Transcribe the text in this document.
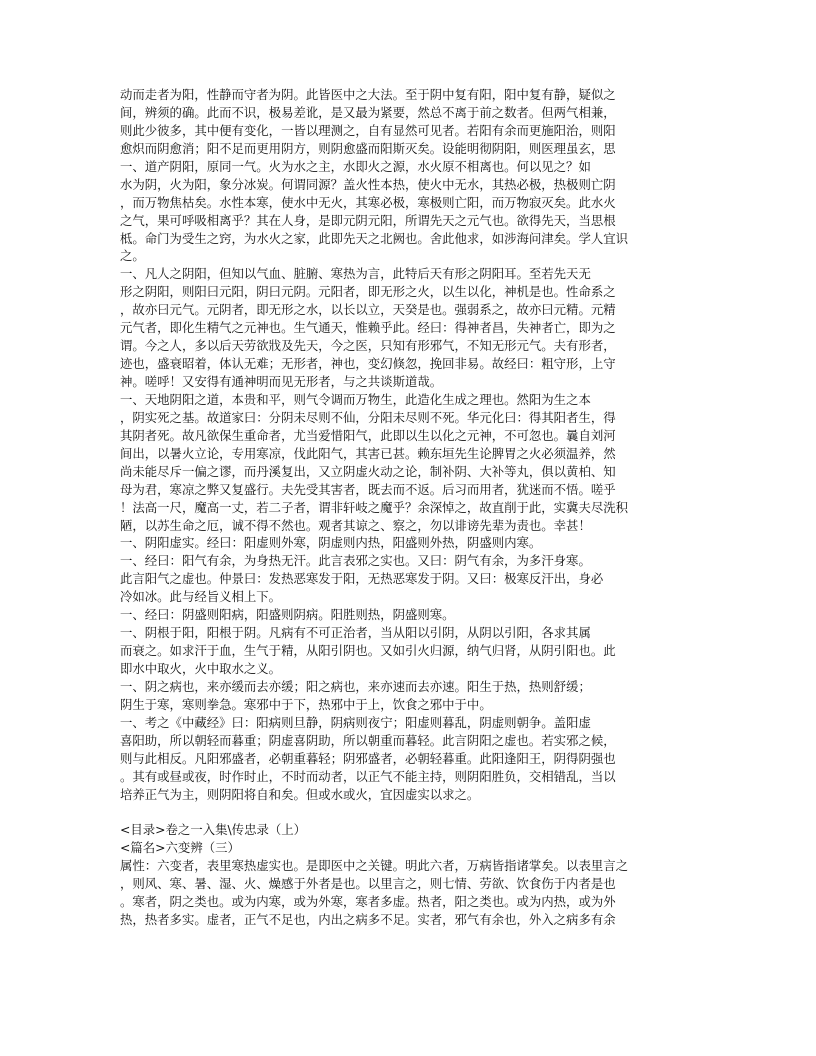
动而走者为阳，性静而守者为阴。此皆医中之大法。至于阴中复有阳，阳中复有静，疑似之
间，辨须的确。此而不识，极易差讹，是又最为紧要，然总不离于前之数者。但两气相兼，
则此少彼多，其中便有变化，一皆以理测之，自有显然可见者。若阳有余而更施阳治，则阳
愈炽而阴愈消；阳不足而更用阴方，则阴愈盛而阳斯灭矣。设能明彻阴阳，则医理虽玄，思
一、道产阴阳，原同一气。火为水之主，水即火之源，水火原不相离也。何以见之？如
水为阴，火为阳，象分冰炭。何谓同源？盖火性本热，使火中无水，其热必极，热极则亡阴
，而万物焦枯矣。水性本寒，使水中无火，其寒必极，寒极则亡阳，而万物寂灭矣。此水火
之气，果可呼吸相离乎？其在人身，是即元阴元阳，所谓先天之元气也。欲得先天，当思根
柢。命门为受生之窍，为水火之家，此即先天之北阙也。舍此他求，如涉海问津矣。学人宜识
之。
一、凡人之阴阳，但知以气血、脏腑、寒热为言，此特后天有形之阴阳耳。至若先天无
形之阴阳，则阳曰元阳，阴曰元阴。元阳者，即无形之火，以生以化，神机是也。性命系之
，故亦曰元气。元阴者，即无形之水，以长以立，天癸是也。强弱系之，故亦曰元精。元精
元气者，即化生精气之元神也。生气通天，惟赖乎此。经曰：得神者昌，失神者亡，即为之
谓。今之人，多以后天劳欲戕及先天，今之医，只知有形邪气，不知无形元气。夫有形者，
迹也，盛衰昭着，体认无难；无形者，神也，变幻倏忽，挽回非易。故经曰：粗守形，上守
神。嗟呼！又安得有通神明而见无形者，与之共谈斯道哉。
一、天地阴阳之道，本贵和平，则气令调而万物生，此造化生成之理也。然阳为生之本
，阴实死之基。故道家曰：分阴未尽则不仙，分阳未尽则不死。华元化曰：得其阳者生，得
其阴者死。故凡欲保生重命者，尤当爱惜阳气，此即以生以化之元神，不可忽也。曩自刘河
间出，以暑火立论，专用寒凉，伐此阳气，其害已甚。赖东垣先生论脾胃之火必须温养，然
尚未能尽斥一偏之谬，而丹溪复出，又立阴虚火动之论，制补阴、大补等丸，俱以黄柏、知
母为君，寒凉之弊又复盛行。夫先受其害者，既去而不返。后习而用者，犹迷而不悟。嗟乎
！法高一尺，魔高一丈，若二子者，谓非轩岐之魔乎？余深悼之，故直削于此，实冀夫尽洗积
陋，以苏生命之厄，诚不得不然也。观者其谅之、察之，勿以诽谤先辈为责也。幸甚！
一、阴阳虚实。经曰：阳虚则外寒，阴虚则内热，阳盛则外热，阴盛则内寒。
一、经曰：阳气有余，为身热无汗。此言表邪之实也。又曰：阴气有余，为多汗身寒。
此言阳气之虚也。仲景曰：发热恶寒发于阳，无热恶寒发于阴。又曰：极寒反汗出，身必
冷如冰。此与经旨义相上下。
一、经曰：阴盛则阳病，阳盛则阴病。阳胜则热，阴盛则寒。
一、阴根于阳，阳根于阴。凡病有不可正治者，当从阳以引阴，从阴以引阳，各求其属
而衰之。如求汗于血，生气于精，从阳引阴也。又如引火归源，纳气归肾，从阴引阳也。此
即水中取火，火中取水之义。
一、阴之病也，来亦缓而去亦缓；阳之病也，来亦速而去亦速。阳生于热，热则舒缓；
阴生于寒，寒则拳急。寒邪中于下，热邪中于上，饮食之邪中于中。
一、考之《中藏经》曰：阳病则旦静，阴病则夜宁；阳虚则暮乱，阴虚则朝争。盖阳虚
喜阳助，所以朝轻而暮重；阴虚喜阴助，所以朝重而暮轻。此言阴阳之虚也。若实邪之候，
则与此相反。凡阳邪盛者，必朝重暮轻；阴邪盛者，必朝轻暮重。此阳逢阳王，阴得阴强也
。其有或昼或夜，时作时止，不时而动者，以正气不能主持，则阴阳胜负，交相错乱，当以
培养正气为主，则阴阳将自和矣。但或水或火，宜因虚实以求之。
<目录>卷之一入集\传忠录（上）
<篇名>六变辨（三）
属性：六变者，表里寒热虚实也。是即医中之关键。明此六者，万病皆指诸掌矣。以表里言之
，则风、寒、暑、湿、火、燥感于外者是也。以里言之，则七情、劳欲、饮食伤于内者是也
。寒者，阴之类也。或为内寒，或为外寒，寒者多虚。热者，阳之类也。或为内热，或为外
热，热者多实。虚者，正气不足也，内出之病多不足。实者，邪气有余也，外入之病多有余
